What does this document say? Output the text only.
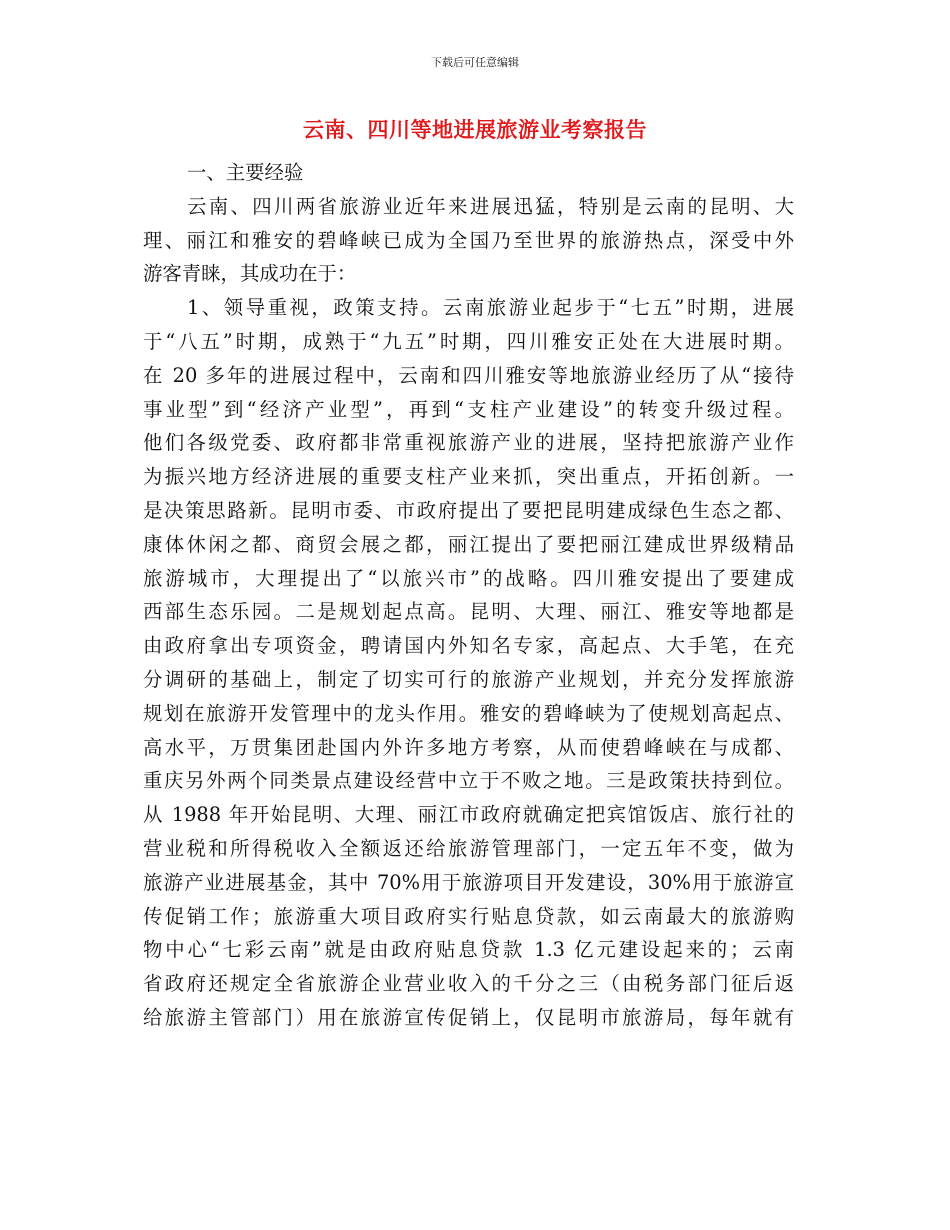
下载后可任意编辑
云南、四川等地进展旅游业考察报告
一、主要经验
云南、四川两省旅游业近年来进展迅猛，特别是云南的昆明、大
理、丽江和雅安的碧峰峡已成为全国乃至世界的旅游热点，深受中外
游客青睐，其成功在于：
1、领导重视，政策支持。云南旅游业起步于“七五”时期，进展
于“八五”时期，成熟于“九五”时期，四川雅安正处在大进展时期。
在 20 多年的进展过程中，云南和四川雅安等地旅游业经历了从“接待
事业型”到“经济产业型”，再到“支柱产业建设”的转变升级过程。
他们各级党委、政府都非常重视旅游产业的进展，坚持把旅游产业作
为振兴地方经济进展的重要支柱产业来抓，突出重点，开拓创新。一
是决策思路新。昆明市委、市政府提出了要把昆明建成绿色生态之都、
康体休闲之都、商贸会展之都，丽江提出了要把丽江建成世界级精品
旅游城市，大理提出了“以旅兴市”的战略。四川雅安提出了要建成
西部生态乐园。二是规划起点高。昆明、大理、丽江、雅安等地都是
由政府拿出专项资金，聘请国内外知名专家，高起点、大手笔，在充
分调研的基础上，制定了切实可行的旅游产业规划，并充分发挥旅游
规划在旅游开发管理中的龙头作用。雅安的碧峰峡为了使规划高起点、
高水平，万贯集团赴国内外许多地方考察，从而使碧峰峡在与成都、
重庆另外两个同类景点建设经营中立于不败之地。三是政策扶持到位。
从 1988 年开始昆明、大理、丽江市政府就确定把宾馆饭店、旅行社的
营业税和所得税收入全额返还给旅游管理部门，一定五年不变，做为
旅游产业进展基金，其中 70%用于旅游项目开发建设，30%用于旅游宣
传促销工作；旅游重大项目政府实行贴息贷款，如云南最大的旅游购
物中心“七彩云南”就是由政府贴息贷款 1.3 亿元建设起来的；云南
省政府还规定全省旅游企业营业收入的千分之三（由税务部门征后返
给旅游主管部门）用在旅游宣传促销上，仅昆明市旅游局，每年就有
